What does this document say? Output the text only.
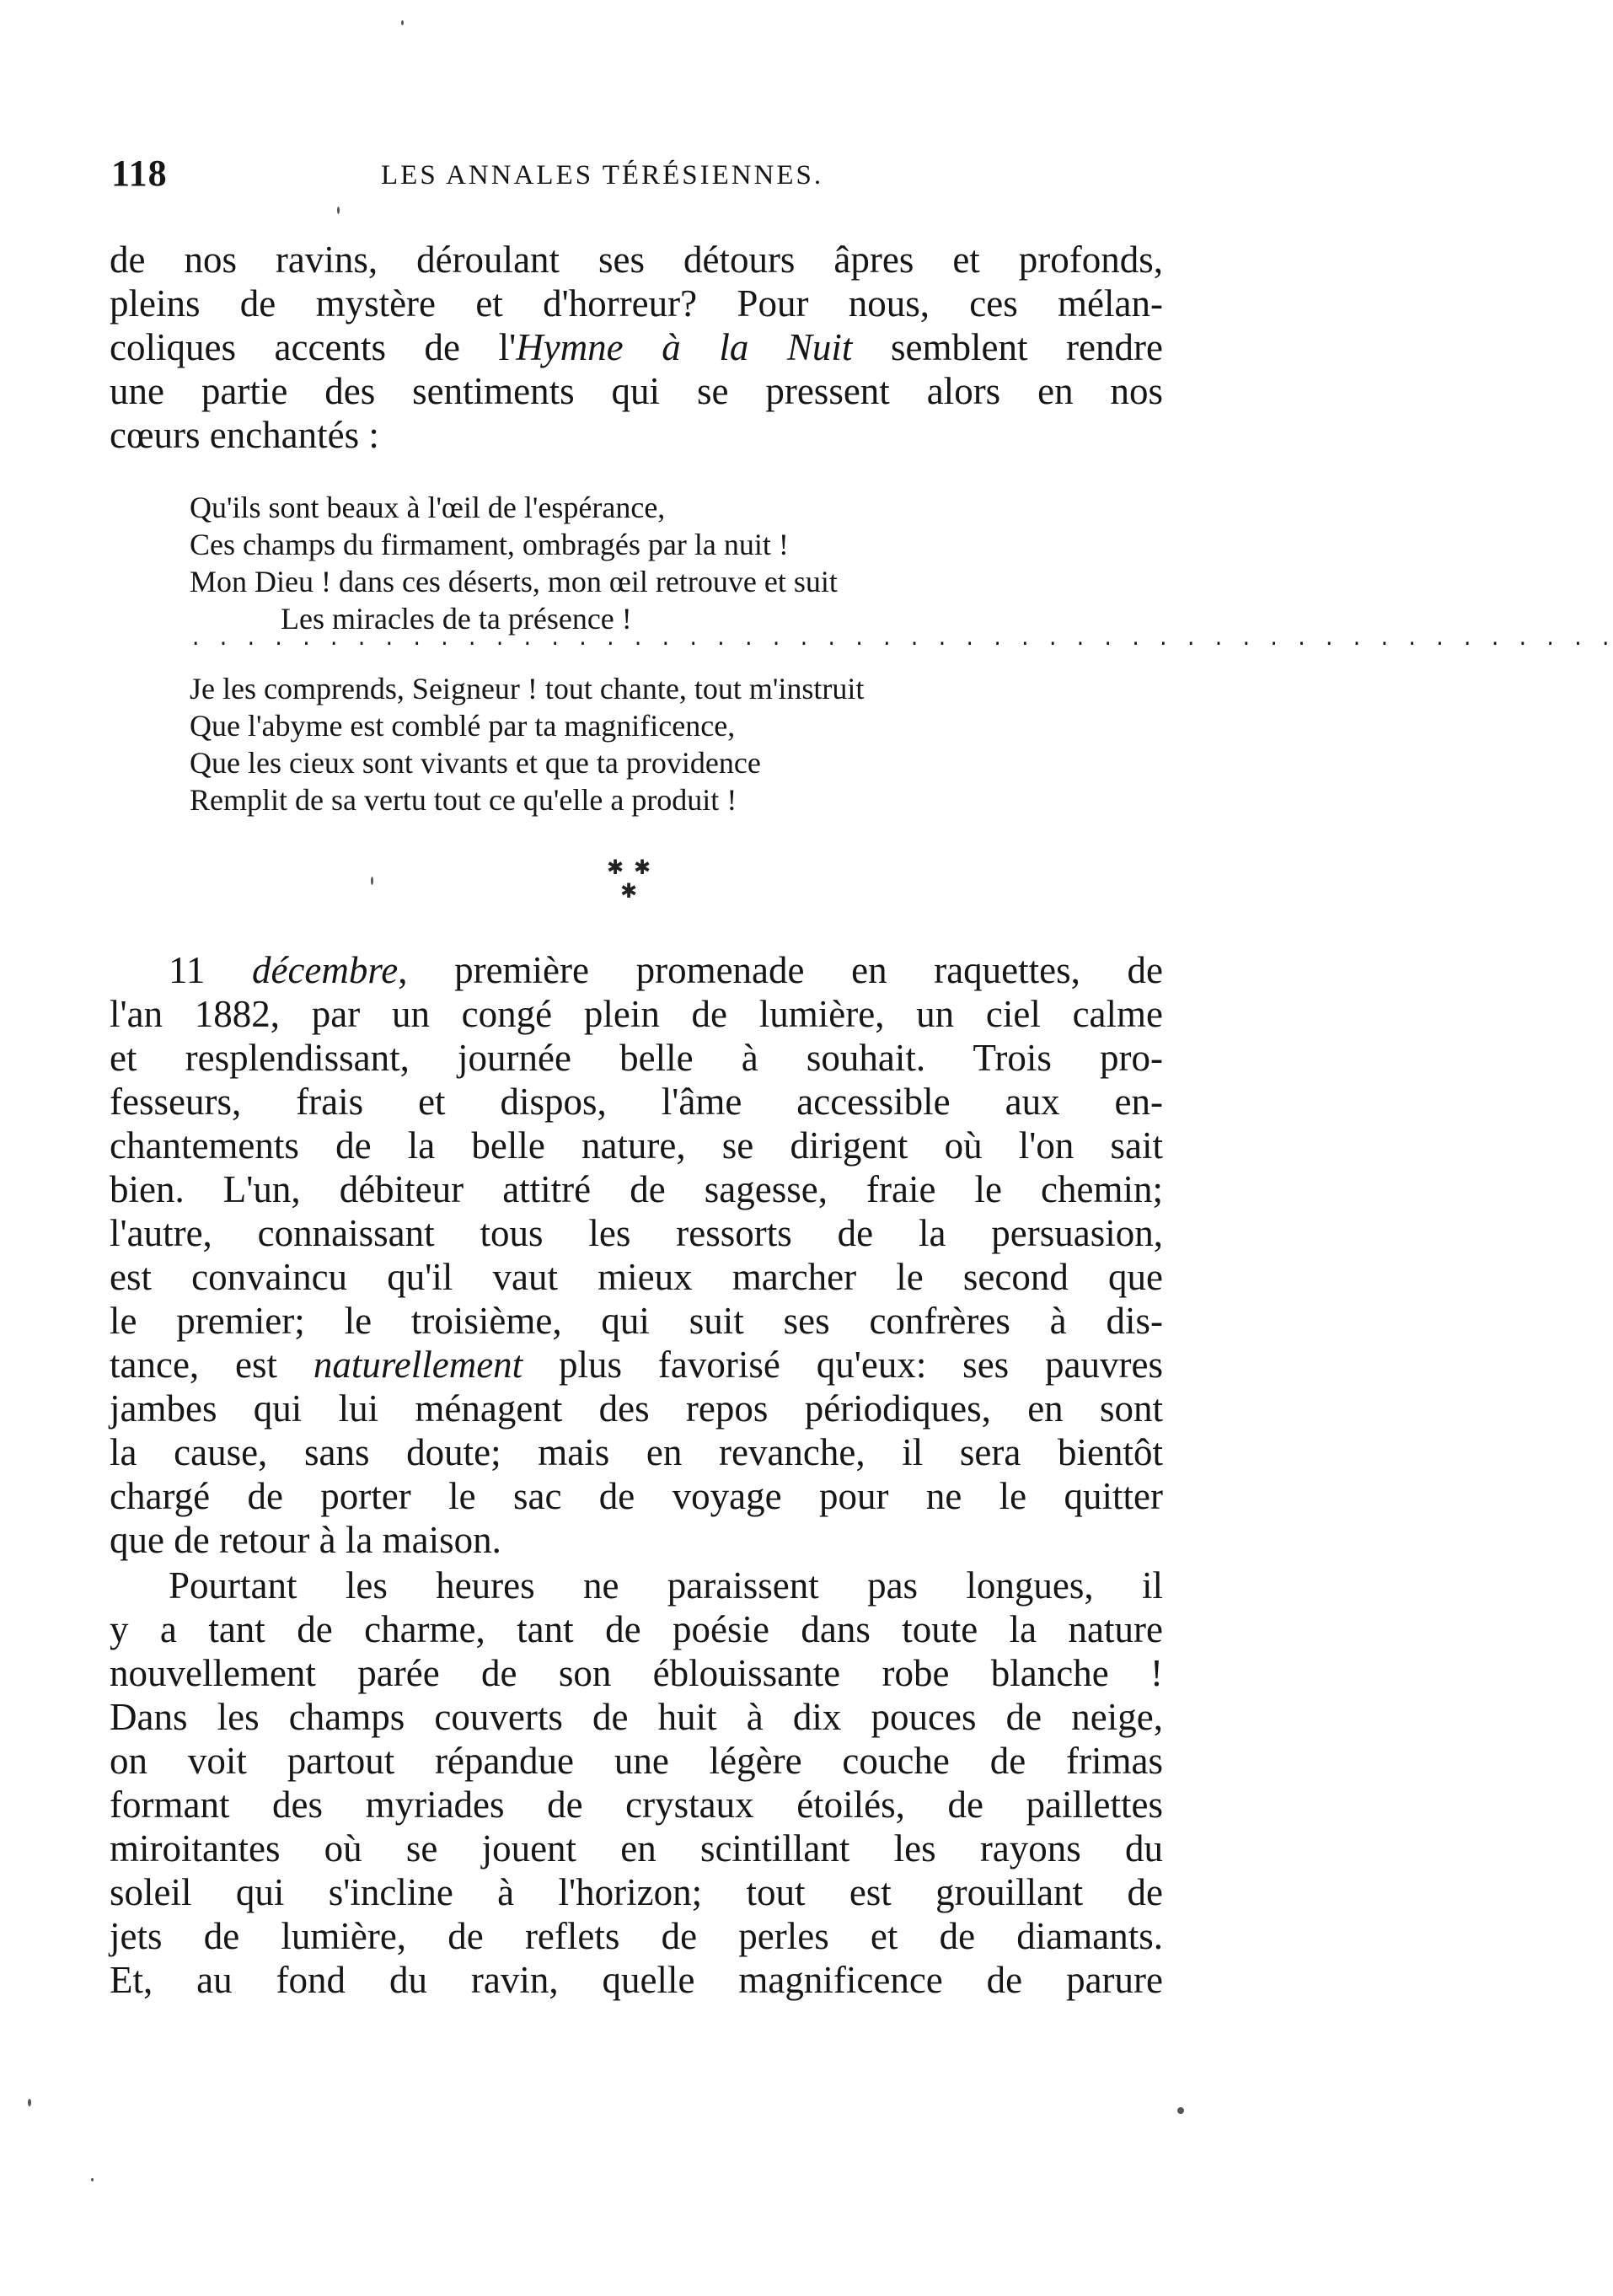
118	LES ANNALES TÉRÉSIENNES.
de nos ravins, déroulant ses détours âpres et profonds,
pleins de mystère et d'horreur? Pour nous, ces mélan-
coliques accents de l'Hymne à la Nuit semblent rendre
une partie des sentiments qui se pressent alors en nos
cœurs enchantés :
Qu'ils sont beaux à l'œil de l'espérance,
Ces champs du firmament, ombragés par la nuit !
Mon Dieu ! dans ces déserts, mon œil retrouve et suit
Les miracles de ta présence !
. . . . . . . . . . . . . . . . . . . . . . . . . . . . . . . . . . . . . . . . . . . . . . . . . . . .
Je les comprends, Seigneur ! tout chante, tout m'instruit
Que l'abyme est comblé par ta magnificence,
Que les cieux sont vivants et que ta providence
Remplit de sa vertu tout ce qu'elle a produit !
✱ ✱
✱
11 décembre, première promenade en raquettes, de
l'an 1882, par un congé plein de lumière, un ciel calme
et resplendissant, journée belle à souhait. Trois pro-
fesseurs, frais et dispos, l'âme accessible aux en-
chantements de la belle nature, se dirigent où l'on sait
bien. L'un, débiteur attitré de sagesse, fraie le chemin;
l'autre, connaissant tous les ressorts de la persuasion,
est convaincu qu'il vaut mieux marcher le second que
le premier; le troisième, qui suit ses confrères à dis-
tance, est naturellement plus favorisé qu'eux: ses pauvres
jambes qui lui ménagent des repos périodiques, en sont
la cause, sans doute; mais en revanche, il sera bientôt
chargé de porter le sac de voyage pour ne le quitter
que de retour à la maison.
Pourtant les heures ne paraissent pas longues, il
y a tant de charme, tant de poésie dans toute la nature
nouvellement parée de son éblouissante robe blanche !
Dans les champs couverts de huit à dix pouces de neige,
on voit partout répandue une légère couche de frimas
formant des myriades de crystaux étoilés, de paillettes
miroitantes où se jouent en scintillant les rayons du
soleil qui s'incline à l'horizon; tout est grouillant de
jets de lumière, de reflets de perles et de diamants.
Et, au fond du ravin, quelle magnificence de parure
